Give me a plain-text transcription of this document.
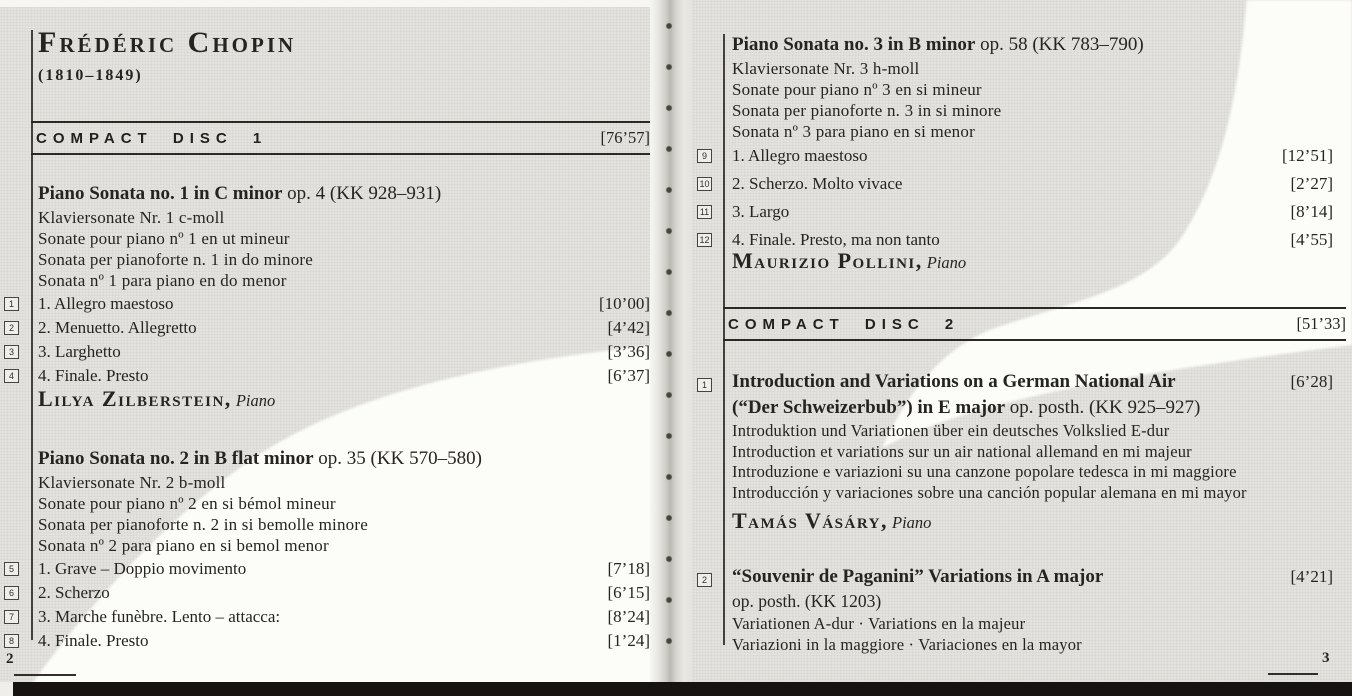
Frédéric Chopin
(1810–1849)
COMPACT DISC 1	[76’57]
Piano Sonata no. 1 in C minor op. 4 (KK 928–931)
Klaviersonate Nr. 1 c-moll
Sonate pour piano nº 1 en ut mineur
Sonata per pianoforte n. 1 in do minore
Sonata nº 1 para piano en do menor
1 1. Allegro maestoso	[10’00]
2 2. Menuetto. Allegretto	[4’42]
3 3. Larghetto	[3’36]
4 4. Finale. Presto	[6’37]
Lilya Zilberstein, Piano
Piano Sonata no. 2 in B flat minor op. 35 (KK 570–580)
Klaviersonate Nr. 2 b-moll
Sonate pour piano nº 2 en si bémol mineur
Sonata per pianoforte n. 2 in si bemolle minore
Sonata nº 2 para piano en si bemol menor
5 1. Grave – Doppio movimento	[7’18]
6 2. Scherzo	[6’15]
7 3. Marche funèbre. Lento – attacca:	[8’24]
8 4. Finale. Presto	[1’24]
2
Piano Sonata no. 3 in B minor op. 58 (KK 783–790)
Klaviersonate Nr. 3 h-moll
Sonate pour piano nº 3 en si mineur
Sonata per pianoforte n. 3 in si minore
Sonata nº 3 para piano en si menor
9 1. Allegro maestoso	[12’51]
10 2. Scherzo. Molto vivace	[2’27]
11 3. Largo	[8’14]
12 4. Finale. Presto, ma non tanto	[4’55]
Maurizio Pollini, Piano
COMPACT DISC 2	[51’33]
1 Introduction and Variations on a German National Air	[6’28]
(“Der Schweizerbub”) in E major op. posth. (KK 925–927)
Introduktion und Variationen über ein deutsches Volkslied E-dur
Introduction et variations sur un air national allemand en mi majeur
Introduzione e variazioni su una canzone popolare tedesca in mi maggiore
Introducción y variaciones sobre una canción popular alemana en mi mayor
Tamás Vásáry, Piano
2 “Souvenir de Paganini” Variations in A major	[4’21]
op. posth. (KK 1203)
Variationen A-dur · Variations en la majeur
Variazioni in la maggiore · Variaciones en la mayor
3
